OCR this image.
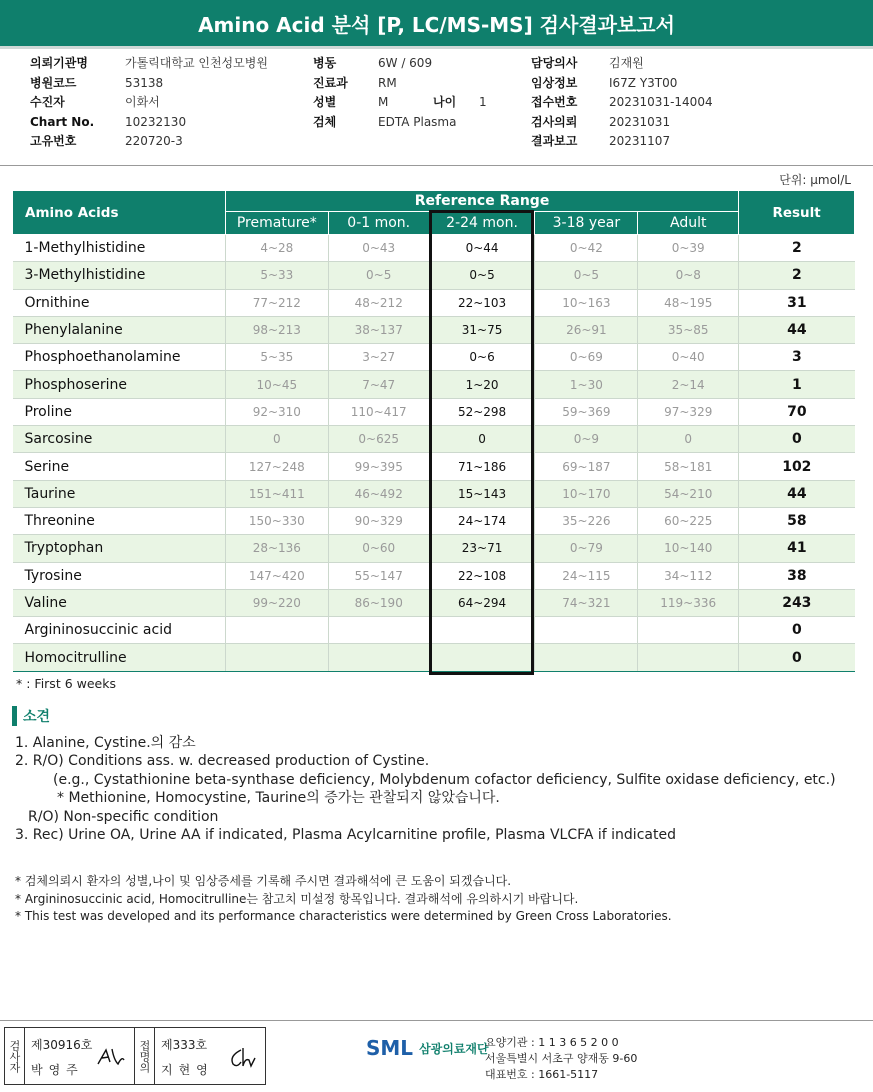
Amino Acid 분석 [P, LC/MS-MS] 검사결과보고서
의뢰기관명	가톨릭대학교 인천성모병원
병원코드	53138
수진자	이화서
Chart No.	10232130
고유번호	220720-3
병동	6W / 609
진료과	RM
성별	M	나이	1
검체	EDTA Plasma
담당의사	김재원
임상정보	I67Z Y3T00
접수번호	20231031-14004
검사의뢰	20231031
결과보고	20231107
단위: μmol/L
Amino Acids	Reference Range					Result
	Premature*	0-1 mon.	2-24 mon.	3-18 year	Adult	
1-Methylhistidine	4~28	0~43	0~44	0~42	0~39	2
3-Methylhistidine	5~33	0~5	0~5	0~5	0~8	2
Ornithine	77~212	48~212	22~103	10~163	48~195	31
Phenylalanine	98~213	38~137	31~75	26~91	35~85	44
Phosphoethanolamine	5~35	3~27	0~6	0~69	0~40	3
Phosphoserine	10~45	7~47	1~20	1~30	2~14	1
Proline	92~310	110~417	52~298	59~369	97~329	70
Sarcosine	0	0~625	0	0~9	0	0
Serine	127~248	99~395	71~186	69~187	58~181	102
Taurine	151~411	46~492	15~143	10~170	54~210	44
Threonine	150~330	90~329	24~174	35~226	60~225	58
Tryptophan	28~136	0~60	23~71	0~79	10~140	41
Tyrosine	147~420	55~147	22~108	24~115	34~112	38
Valine	99~220	86~190	64~294	74~321	119~336	243
Argininosuccinic acid						0
Homocitrulline						0
* : First 6 weeks
소견
1. Alanine, Cystine.의 감소
2. R/O) Conditions ass. w. decreased production of Cystine.
(e.g., Cystathionine beta-synthase deficiency, Molybdenum cofactor deficiency, Sulfite oxidase deficiency, etc.)
* Methionine, Homocystine, Taurine의 증가는 관찰되지 않았습니다.
R/O) Non-specific condition
3. Rec) Urine OA, Urine AA if indicated, Plasma Acylcarnitine profile, Plasma VLCFA if indicated
* 검체의뢰시 환자의 성별,나이 및 임상증세를 기록해 주시면 결과해석에 큰 도움이 되겠습니다.
* Argininosuccinic acid, Homocitrulline는 참고치 미설정 항목입니다. 결과해석에 유의하시기 바랍니다.
* This test was developed and its performance characteristics were determined by Green Cross Laboratories.
검사자 제30916호
박영주	접명의 제333호
지현영
SML 삼광의료재단
요양기관 : 1 1 3 6 5 2 0 0
서울특별시 서초구 양재동 9-60
대표번호 : 1661-5117
